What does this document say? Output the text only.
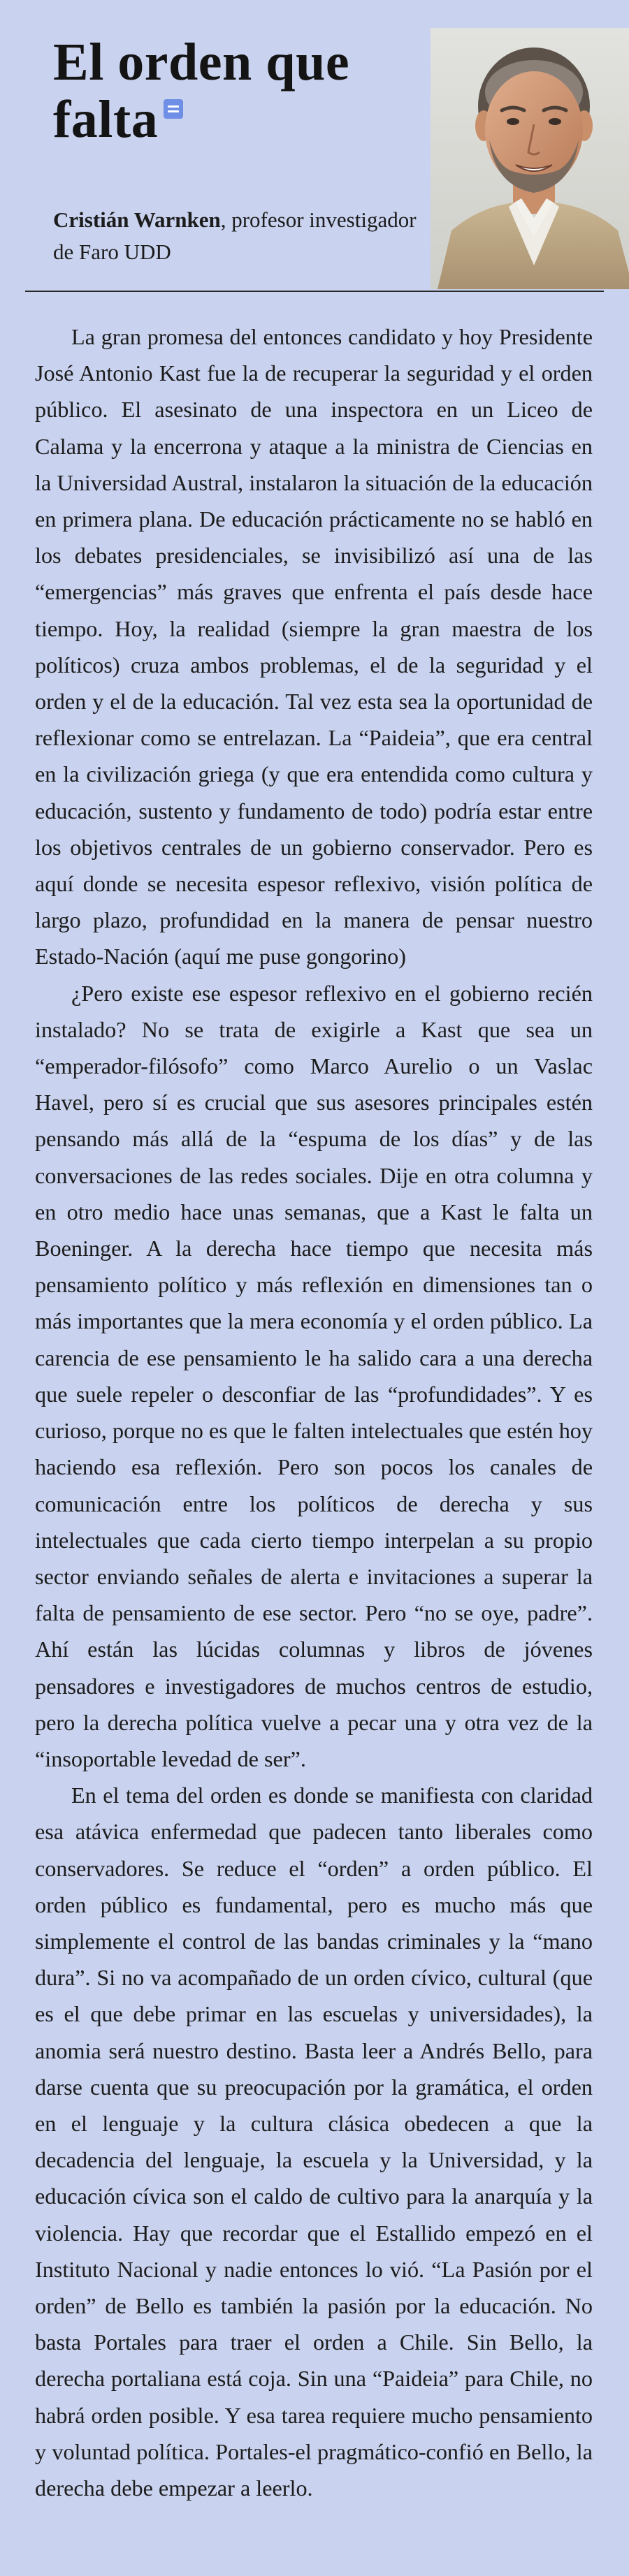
El orden que falta

Cristián Warnken, profesor investigador de Faro UDD

La gran promesa del entonces candidato y hoy Presidente José Antonio Kast fue la de recuperar la seguridad y el orden público. El asesinato de una inspectora en un Liceo de Calama y la encerrona y ataque a la ministra de Ciencias en la Universidad Austral, instalaron la situación de la educación en primera plana. De educación prácticamente no se habló en los debates presidenciales, se invisibilizó así una de las “emergencias” más graves que enfrenta el país desde hace tiempo. Hoy, la realidad (siempre la gran maestra de los políticos) cruza ambos problemas, el de la seguridad y el orden y el de la educación. Tal vez esta sea la oportunidad de reflexionar como se entrelazan. La “Paideia”, que era central en la civilización griega (y que era entendida como cultura y educación, sustento y fundamento de todo) podría estar entre los objetivos centrales de un gobierno conservador. Pero es aquí donde se necesita espesor reflexivo, visión política de largo plazo, profundidad en la manera de pensar nuestro Estado-Nación (aquí me puse gongorino)

¿Pero existe ese espesor reflexivo en el gobierno recién instalado? No se trata de exigirle a Kast que sea un “emperador-filósofo” como Marco Aurelio o un Vaslac Havel, pero sí es crucial que sus asesores principales estén pensando más allá de la “espuma de los días” y de las conversaciones de las redes sociales. Dije en otra columna y en otro medio hace unas semanas, que a Kast le falta un Boeninger. A la derecha hace tiempo que necesita más pensamiento político y más reflexión en dimensiones tan o más importantes que la mera economía y el orden público. La carencia de ese pensamiento le ha salido cara a una derecha que suele repeler o desconfiar de las “profundidades”. Y es curioso, porque no es que le falten intelectuales que estén hoy haciendo esa reflexión. Pero son pocos los canales de comunicación entre los políticos de derecha y sus intelectuales que cada cierto tiempo interpelan a su propio sector enviando señales de alerta e invitaciones a superar la falta de pensamiento de ese sector. Pero “no se oye, padre”. Ahí están las lúcidas columnas y libros de jóvenes pensadores e investigadores de muchos centros de estudio, pero la derecha política vuelve a pecar una y otra vez de la “insoportable levedad de ser”.

En el tema del orden es donde se manifiesta con claridad esa atávica enfermedad que padecen tanto liberales como conservadores. Se reduce el “orden” a orden público. El orden público es fundamental, pero es mucho más que simplemente el control de las bandas criminales y la “mano dura”. Si no va acompañado de un orden cívico, cultural (que es el que debe primar en las escuelas y universidades), la anomia será nuestro destino. Basta leer a Andrés Bello, para darse cuenta que su preocupación por la gramática, el orden en el lenguaje y la cultura clásica obedecen a que la decadencia del lenguaje, la escuela y la Universidad, y la educación cívica son el caldo de cultivo para la anarquía y la violencia. Hay que recordar que el Estallido empezó en el Instituto Nacional y nadie entonces lo vió. “La Pasión por el orden” de Bello es también la pasión por la educación. No basta Portales para traer el orden a Chile. Sin Bello, la derecha portaliana está coja. Sin una “Paideia” para Chile, no habrá orden posible. Y esa tarea requiere mucho pensamiento y voluntad política. Portales-el pragmático-confió en Bello, la derecha debe empezar a leerlo.
